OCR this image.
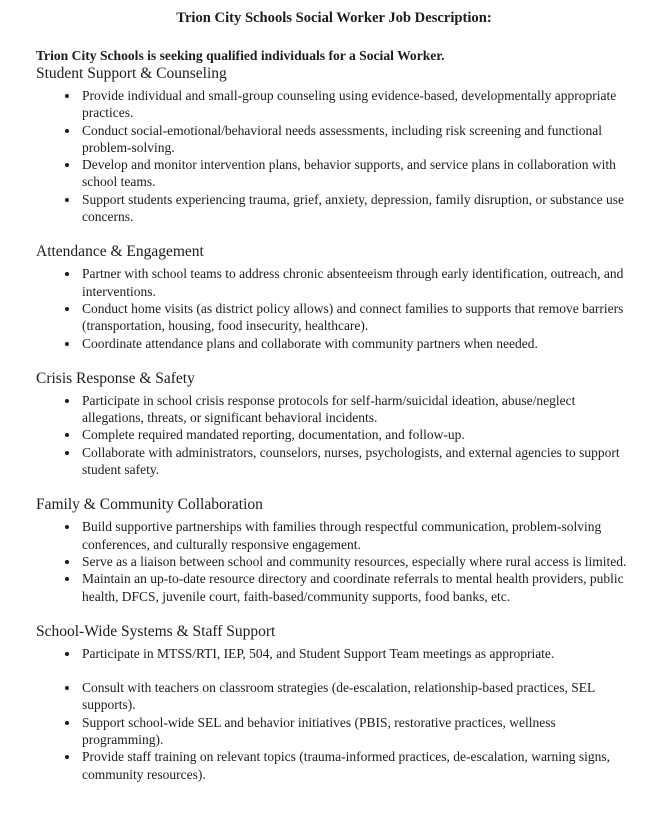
Trion City Schools Social Worker Job Description:

Trion City Schools is seeking qualified individuals for a Social Worker.

Student Support & Counseling
• Provide individual and small-group counseling using evidence-based, developmentally appropriate practices.
• Conduct social-emotional/behavioral needs assessments, including risk screening and functional problem-solving.
• Develop and monitor intervention plans, behavior supports, and service plans in collaboration with school teams.
• Support students experiencing trauma, grief, anxiety, depression, family disruption, or substance use concerns.
Attendance & Engagement
• Partner with school teams to address chronic absenteeism through early identification, outreach, and interventions.
• Conduct home visits (as district policy allows) and connect families to supports that remove barriers (transportation, housing, food insecurity, healthcare).
• Coordinate attendance plans and collaborate with community partners when needed.
Crisis Response & Safety
• Participate in school crisis response protocols for self-harm/suicidal ideation, abuse/neglect allegations, threats, or significant behavioral incidents.
• Complete required mandated reporting, documentation, and follow-up.
• Collaborate with administrators, counselors, nurses, psychologists, and external agencies to support student safety.
Family & Community Collaboration
• Build supportive partnerships with families through respectful communication, problem-solving conferences, and culturally responsive engagement.
• Serve as a liaison between school and community resources, especially where rural access is limited.
• Maintain an up-to-date resource directory and coordinate referrals to mental health providers, public health, DFCS, juvenile court, faith-based/community supports, food banks, etc.
School-Wide Systems & Staff Support
• Participate in MTSS/RTI, IEP, 504, and Student Support Team meetings as appropriate.
• Consult with teachers on classroom strategies (de-escalation, relationship-based practices, SEL supports).
• Support school-wide SEL and behavior initiatives (PBIS, restorative practices, wellness programming).
• Provide staff training on relevant topics (trauma-informed practices, de-escalation, warning signs, community resources).
